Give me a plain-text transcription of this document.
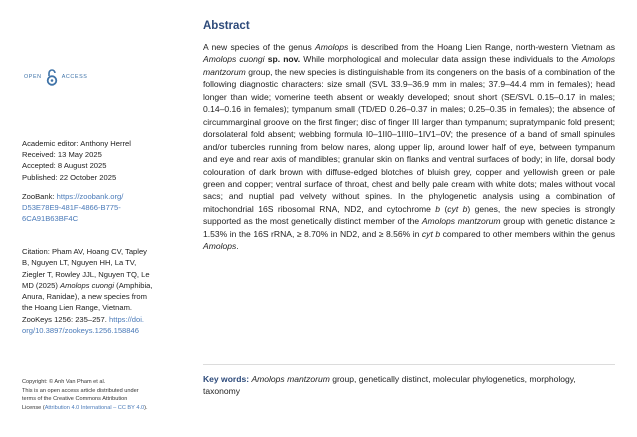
OPEN	ACCESS
Academic editor: Anthony Herrel
Received: 13 May 2025
Accepted: 8 August 2025
Published: 22 October 2025
ZooBank: https://zoobank.org/
D53E78E9-481F-4866-B775-
6CA91B63BF4C
Citation: Pham AV, Hoang CV, Tapley
B, Nguyen LT, Nguyen HH, La TV,
Ziegler T, Rowley JJL, Nguyen TQ, Le
MD (2025) Amolops cuongi (Amphibia,
Anura, Ranidae), a new species from
the Hoang Lien Range, Vietnam.
ZooKeys 1256: 235–257. https://doi.
org/10.3897/zookeys.1256.158846
Copyright: © Anh Van Pham et al.
This is an open access article distributed under
terms of the Creative Commons Attribution
License (Attribution 4.0 International – CC BY 4.0).
Abstract

A new species of the genus Amolops is described from the Hoang Lien Range, north-western Vietnam as Amolops cuongi sp. nov. While morphological and molecular data assign these individuals to the Amolops mantzorum group, the new species is distinguishable from its congeners on the basis of a combination of the following diagnostic characters: size small (SVL 33.9–36.9 mm in males; 37.9–44.4 mm in females); head longer than wide; vomerine teeth absent or weakly developed; snout short (SE/SVL 0.15–0.17 in males; 0.14–0.16 in females); tympanum small (TD/ED 0.26–0.37 in males; 0.25–0.35 in females); the absence of circummarginal groove on the first finger; disc of finger III larger than tympanum; supratympanic fold present; dorsolateral fold absent; webbing formula I0–1II0–1III0–1IV1–0V; the presence of a band of small spinules and/or tubercles running from below nares, along upper lip, around lower half of eye, between tympanum and eye and rear axis of mandibles; granular skin on flanks and ventral surfaces of body; in life, dorsal body colouration of dark brown with diffuse-edged blotches of bluish grey, copper and yellowish green or pale green and copper; ventral surface of throat, chest and belly pale cream with white dots; males without vocal sacs; and nuptial pad velvety without spines. In the phylogenetic analysis using a combination of mitochondrial 16S ribosomal RNA, ND2, and cytochrome b (cyt b) genes, the new species is strongly supported as the most genetically distinct member of the Amolops mantzorum group with genetic distance ≥ 1.53% in the 16S rRNA, ≥ 8.70% in ND2, and ≥ 8.56% in cyt b compared to other members within the genus Amolops.

Key words: Amolops mantzorum group, genetically distinct, molecular phylogenetics, morphology, taxonomy
